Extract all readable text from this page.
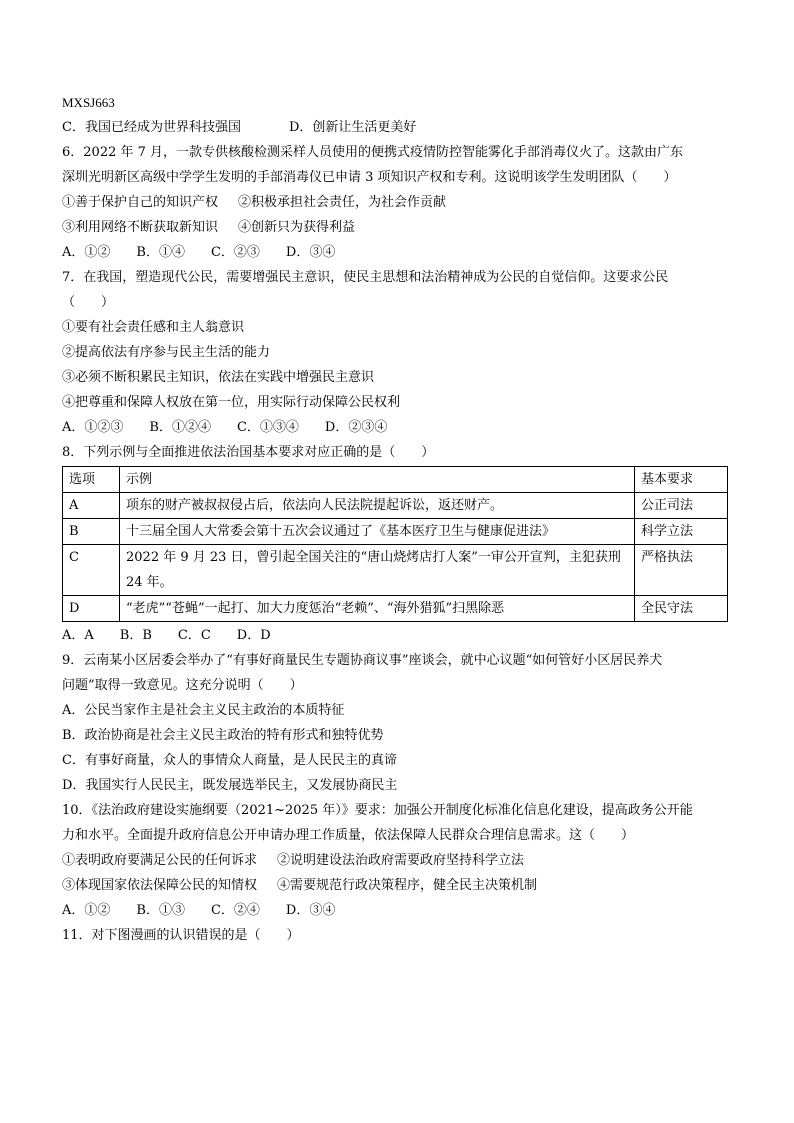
MXSJ663
C．我国已经成为世界科技强国	D．创新让生活更美好
6．2022 年 7 月，一款专供核酸检测采样人员使用的便携式疫情防控智能雾化手部消毒仪火了。这款由广东
深圳光明新区高级中学学生发明的手部消毒仪已申请 3 项知识产权和专利。这说明该学生发明团队（　　）
①善于保护自己的知识产权 ②积极承担社会责任，为社会作贡献
③利用网络不断获取新知识 ④创新只为获得利益
A．①② B．①④ C．②③ D．③④
7．在我国，塑造现代公民，需要增强民主意识，使民主思想和法治精神成为公民的自觉信仰。这要求公民
（　　）
①要有社会责任感和主人翁意识
②提高依法有序参与民主生活的能力
③必须不断积累民主知识，依法在实践中增强民主意识
④把尊重和保障人权放在第一位，用实际行动保障公民权利
A．①②③ B．①②④ C．①③④ D．②③④
8．下列示例与全面推进依法治国基本要求对应正确的是（　　）
选项	示例	基本要求
A	项东的财产被叔叔侵占后，依法向人民法院提起诉讼，返还财产。	公正司法
B	十三届全国人大常委会第十五次会议通过了《基本医疗卫生与健康促进法》	科学立法
C	2022 年 9 月 23 日，曾引起全国关注的“唐山烧烤店打人案”一审公开宣判，主犯获刑 24 年。	严格执法
D	“老虎”“苍蝇”一起打、加大力度惩治“老赖”、“海外猎狐”扫黑除恶	全民守法
A．A B．B C．C D．D
9．云南某小区居委会举办了“有事好商量民生专题协商议事”座谈会，就中心议题“如何管好小区居民养犬
问题”取得一致意见。这充分说明（　　）
A．公民当家作主是社会主义民主政治的本质特征
B．政治协商是社会主义民主政治的特有形式和独特优势
C．有事好商量，众人的事情众人商量，是人民民主的真谛
D．我国实行人民民主，既发展选举民主，又发展协商民主
10．《法治政府建设实施纲要（2021~2025 年）》要求：加强公开制度化标准化信息化建设，提高政务公开能
力和水平。全面提升政府信息公开申请办理工作质量，依法保障人民群众合理信息需求。这（　　）
①表明政府要满足公民的任何诉求 ②说明建设法治政府需要政府坚持科学立法
③体现国家依法保障公民的知情权 ④需要规范行政决策程序，健全民主决策机制
A．①② B．①③ C．②④ D．③④
11．对下图漫画的认识错误的是（　　）
